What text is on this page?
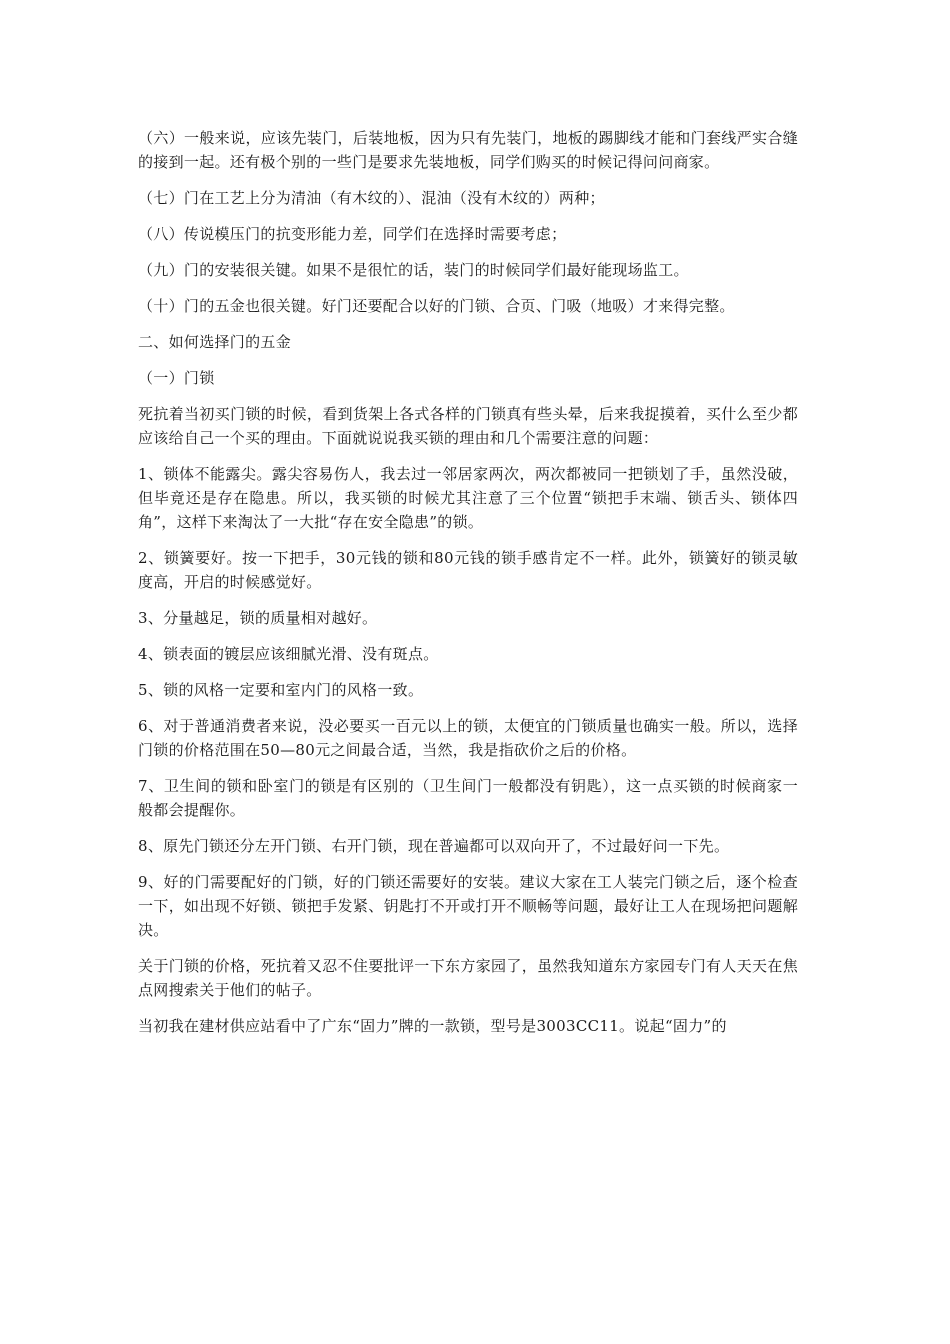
（六）一般来说，应该先装门，后装地板，因为只有先装门，地板的踢脚线才能和门套线严实合缝的接到一起。还有极个别的一些门是要求先装地板，同学们购买的时候记得问问商家。

（七）门在工艺上分为清油（有木纹的）、混油（没有木纹的）两种；

（八）传说模压门的抗变形能力差，同学们在选择时需要考虑；

（九）门的安装很关键。如果不是很忙的话，装门的时候同学们最好能现场监工。

（十）门的五金也很关键。好门还要配合以好的门锁、合页、门吸（地吸）才来得完整。

二、如何选择门的五金

（一）门锁

死抗着当初买门锁的时候，看到货架上各式各样的门锁真有些头晕，后来我捉摸着，买什么至少都应该给自己一个买的理由。下面就说说我买锁的理由和几个需要注意的问题：

1、锁体不能露尖。露尖容易伤人，我去过一邻居家两次，两次都被同一把锁划了手，虽然没破，但毕竟还是存在隐患。所以，我买锁的时候尤其注意了三个位置“锁把手末端、锁舌头、锁体四角”，这样下来淘汰了一大批“存在安全隐患”的锁。

2、锁簧要好。按一下把手，30元钱的锁和80元钱的锁手感肯定不一样。此外，锁簧好的锁灵敏度高，开启的时候感觉好。

3、分量越足，锁的质量相对越好。

4、锁表面的镀层应该细腻光滑、没有斑点。

5、锁的风格一定要和室内门的风格一致。

6、对于普通消费者来说，没必要买一百元以上的锁，太便宜的门锁质量也确实一般。所以，选择门锁的价格范围在50—80元之间最合适，当然，我是指砍价之后的价格。

7、卫生间的锁和卧室门的锁是有区别的（卫生间门一般都没有钥匙），这一点买锁的时候商家一般都会提醒你。

8、原先门锁还分左开门锁、右开门锁，现在普遍都可以双向开了，不过最好问一下先。

9、好的门需要配好的门锁，好的门锁还需要好的安装。建议大家在工人装完门锁之后，逐个检查一下，如出现不好锁、锁把手发紧、钥匙打不开或打开不顺畅等问题，最好让工人在现场把问题解决。

关于门锁的价格，死抗着又忍不住要批评一下东方家园了，虽然我知道东方家园专门有人天天在焦点网搜索关于他们的帖子。

当初我在建材供应站看中了广东“固力”牌的一款锁，型号是3003CC11。说起“固力”的
